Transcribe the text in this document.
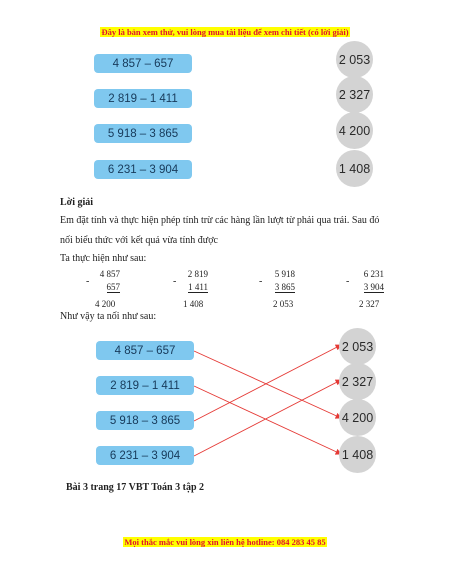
Đây là bản xem thử, vui lòng mua tài liệu để xem chi tiết (có lời giải)
4 857 – 657
2 819 – 1 411
5 918 – 3 865
6 231 – 3 904
2 053
2 327
4 200
1 408
Lời giải
Em đặt tính và thực hiện phép tính trừ các hàng lần lượt từ phải qua trái. Sau đó
nối biểu thức với kết quả vừa tính được
Ta thực hiện như sau:
-
4 857
657
4 200
-
2 819
1 411
1 408
-
5 918
3 865
2 053
-
6 231
3 904
2 327
Như vậy ta nối như sau:
4 857 – 657
2 819 – 1 411
5 918 – 3 865
6 231 – 3 904
2 053
2 327
4 200
1 408
Bài 3 trang 17 VBT Toán 3 tập 2
Mọi thắc mắc vui lòng xin liên hệ hotline: 084 283 45 85
